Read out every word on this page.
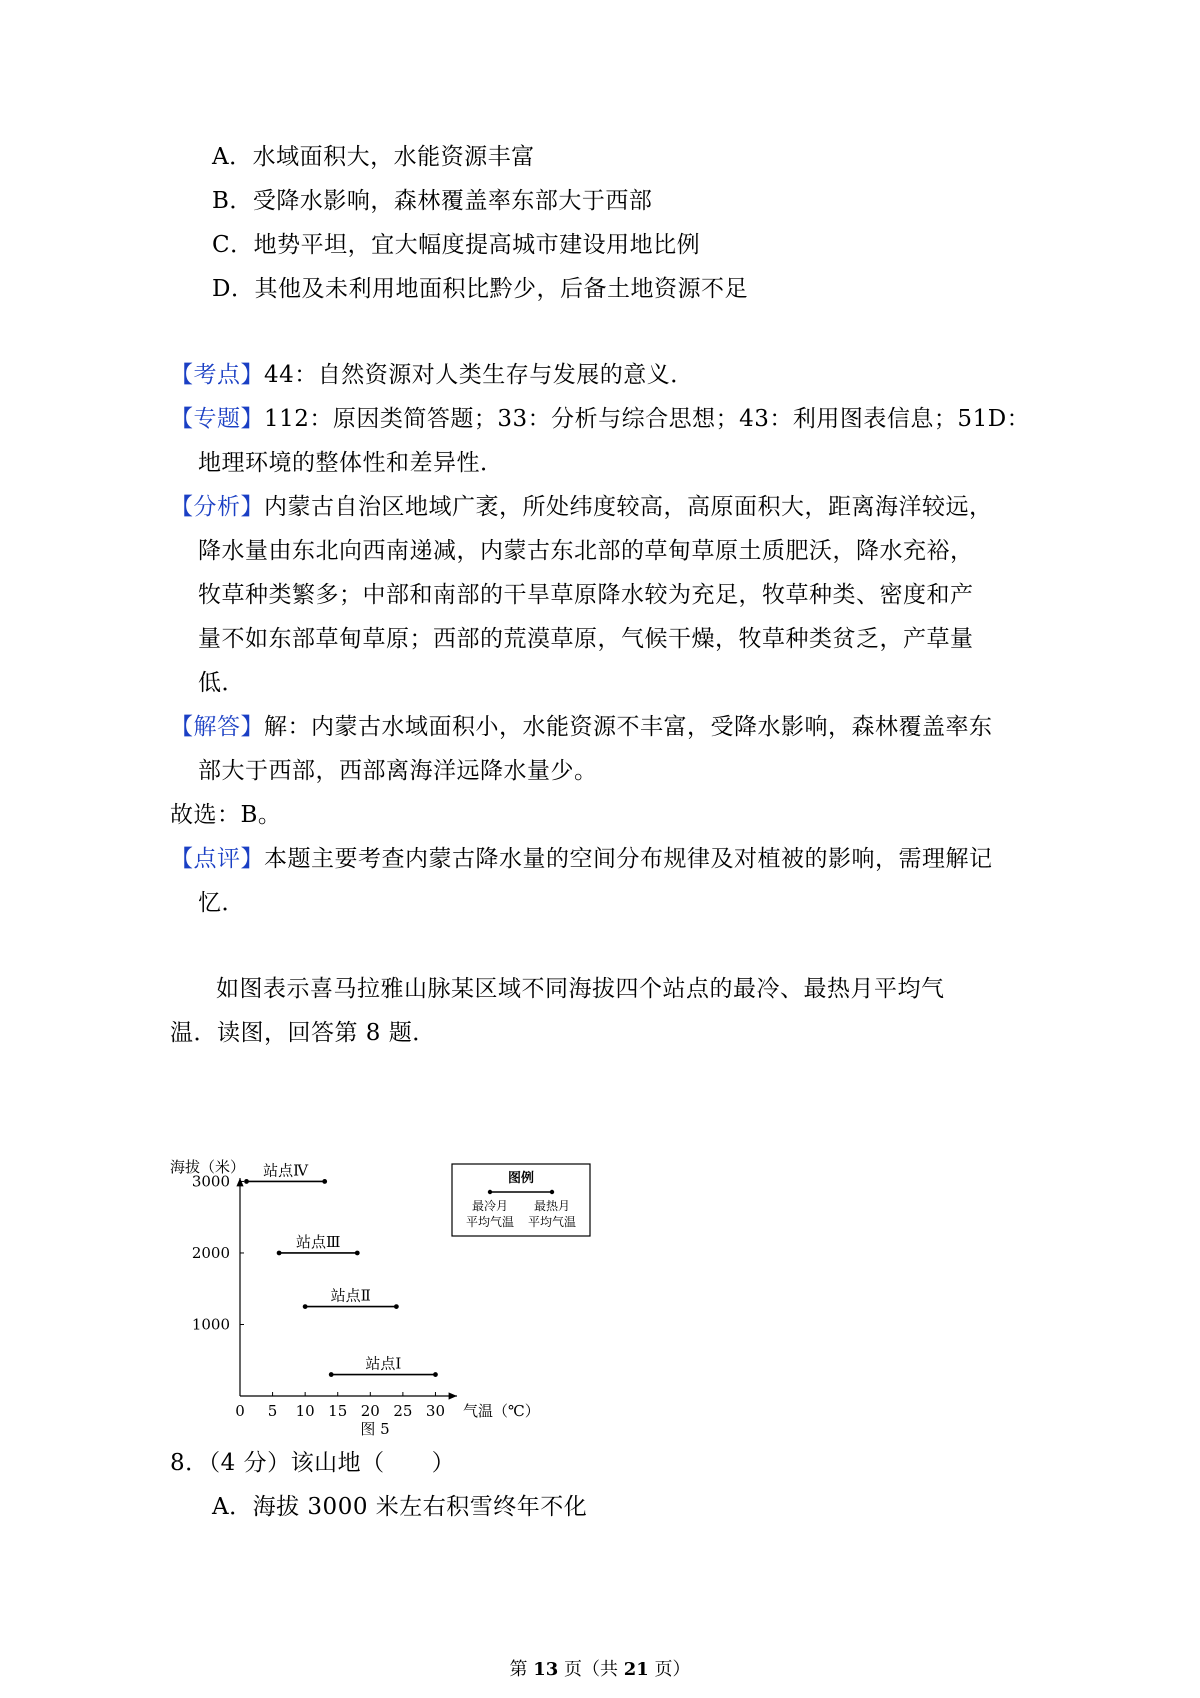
A．水域面积大，水能资源丰富
B．受降水影响，森林覆盖率东部大于西部
C．地势平坦，宜大幅度提高城市建设用地比例
D．其他及未利用地面积比黔少，后备土地资源不足
【考点】44：自然资源对人类生存与发展的意义．
【专题】112：原因类简答题；33：分析与综合思想；43：利用图表信息；51D：
地理环境的整体性和差异性．
【分析】内蒙古自治区地域广袤，所处纬度较高，高原面积大，距离海洋较远，
降水量由东北向西南递减，内蒙古东北部的草甸草原土质肥沃，降水充裕，
牧草种类繁多；中部和南部的干旱草原降水较为充足，牧草种类、密度和产
量不如东部草甸草原；西部的荒漠草原，气候干燥，牧草种类贫乏，产草量
低．
【解答】解：内蒙古水域面积小，水能资源不丰富，受降水影响，森林覆盖率东
部大于西部，西部离海洋远降水量少。
故选：B。
【点评】本题主要考查内蒙古降水量的空间分布规律及对植被的影响，需理解记
忆．
如图表示喜马拉雅山脉某区域不同海拔四个站点的最冷、最热月平均气
温．读图，回答第 8 题．
海拔（米）
0 5 10 15 20 25 30
1000
2000
3000
气温（℃）
站点Ⅳ
站点Ⅲ
站点Ⅱ
站点Ⅰ
图例
最冷月
平均气温
最热月
平均气温
图 5
8．（4 分）该山地（　　）
A．海拔 3000 米左右积雪终年不化
第 13 页（共 21 页）
